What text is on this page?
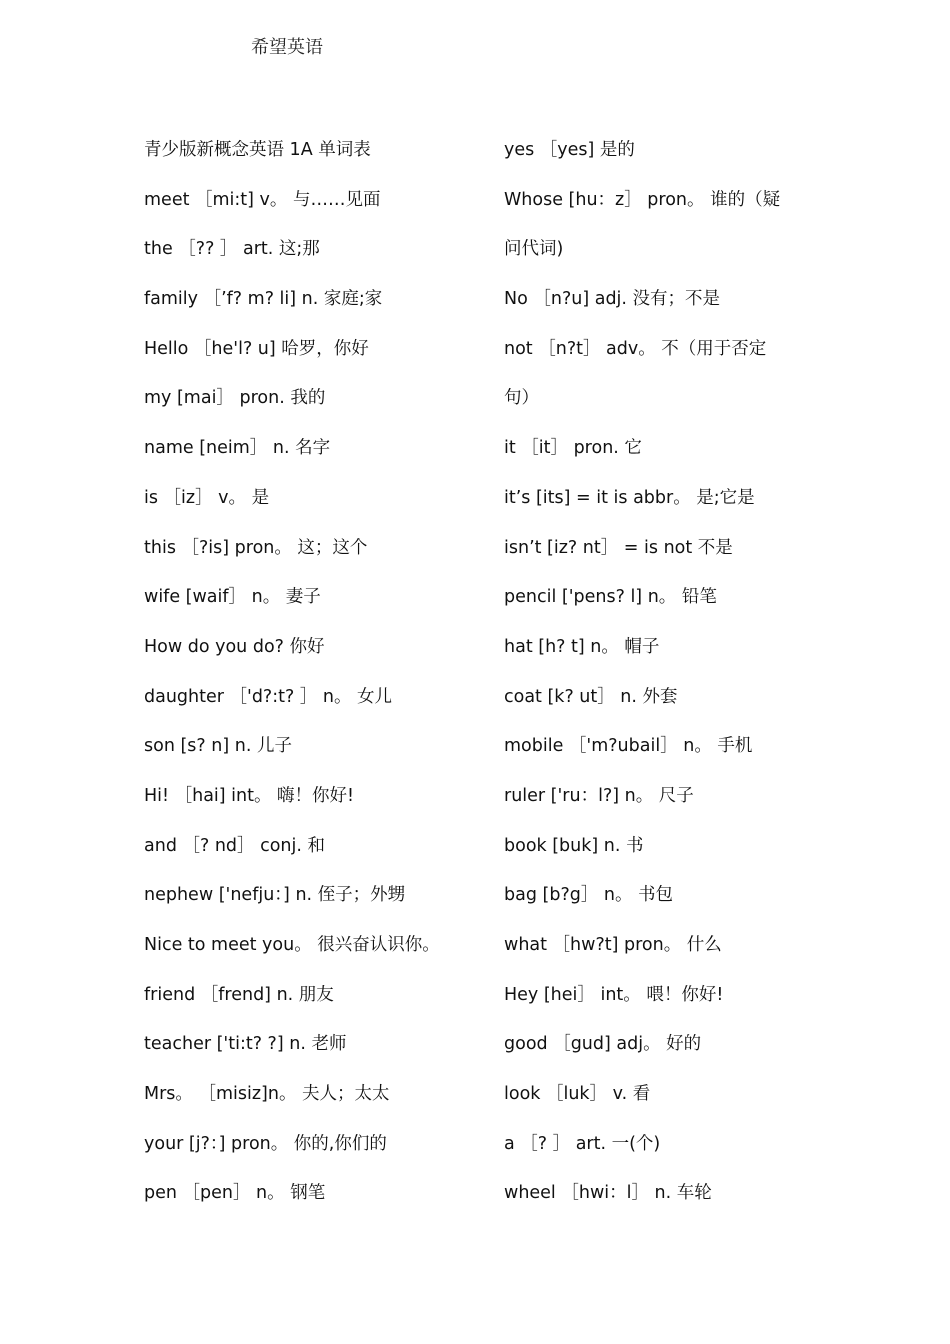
希望英语
青少版新概念英语 1A 单词表
meet ［mi:t] v。 与……见面
the ［?? ］ art. 这;那
family ［’f? m? li] n. 家庭;家
Hello ［he'l? u] 哈罗，你好
my [mai］ pron. 我的
name [neim］ n. 名字
is ［iz］ v。 是
this ［?is] pron。 这；这个
wife [waif］ n。 妻子
How do you do? 你好
daughter ［'d?:t? ］ n。 女儿
son [s? n] n. 儿子
Hi! ［hai] int。 嗨！你好!
and ［? nd］ conj. 和
nephew ['nefju：] n. 侄子；外甥
Nice to meet you。 很兴奋认识你。
friend ［frend] n. 朋友
teacher ['ti:t? ?] n. 老师
Mrs。 ［misiz]n。 夫人；太太
your [j?：] pron。 你的,你们的
pen ［pen］ n。 钢笔
yes ［yes] 是的
Whose [hu：z］ pron。 谁的（疑
问代词)
No ［n?u] adj. 没有；不是
not ［n?t］ adv。 不（用于否定
句）
it ［it］ pron. 它
it’s [its] = it is abbr。 是;它是
isn’t [iz? nt］ = is not 不是
pencil ['pens? l] n。 铅笔
hat [h? t] n。 帽子
coat [k? ut］ n. 外套
mobile ［'m?ubail］ n。 手机
ruler ['ru：l?] n。 尺子
book [buk] n. 书
bag [b?g］ n。 书包
what ［hw?t] pron。 什么
Hey [hei］ int。 喂！你好!
good ［gud] adj。 好的
look ［luk］ v. 看
a ［? ］ art. 一(个)
wheel ［hwi：l］ n. 车轮
